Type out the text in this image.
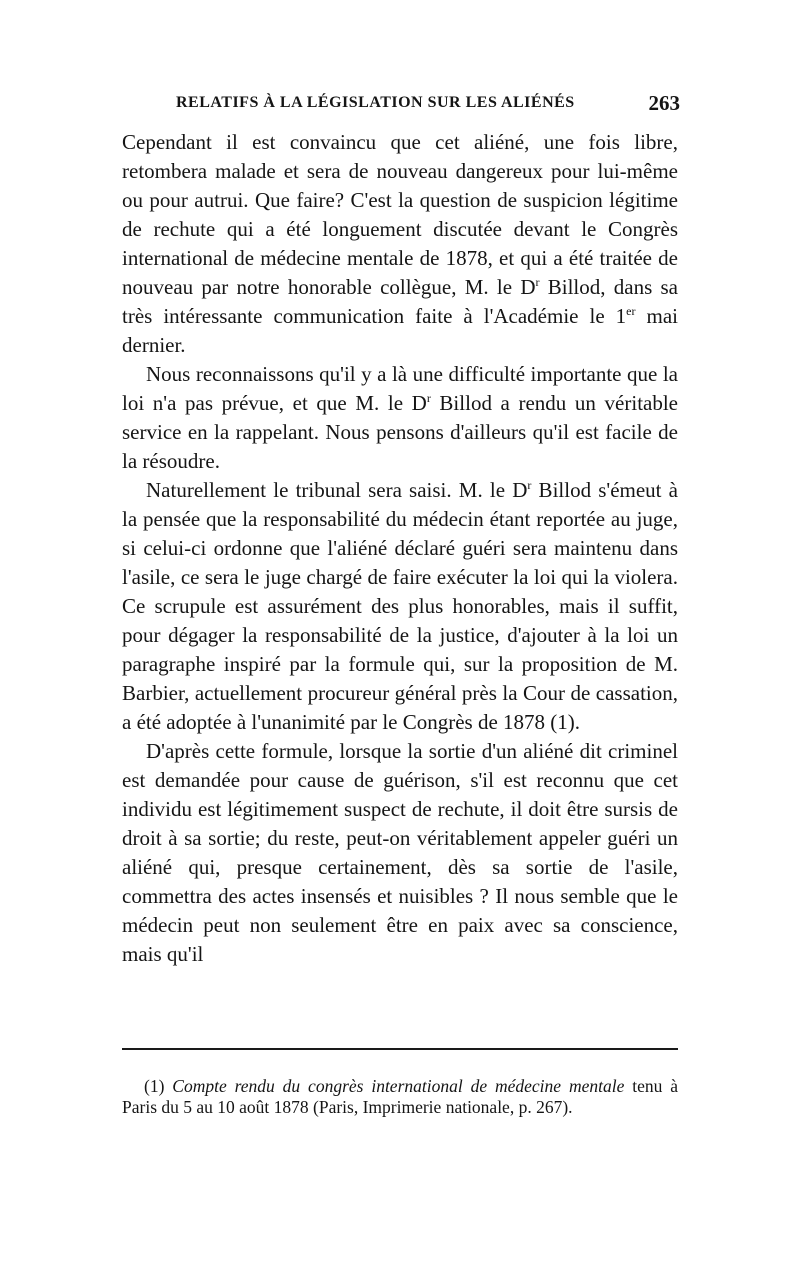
RELATIFS À LA LÉGISLATION SUR LES ALIÉNÉS	263

Cependant il est convaincu que cet aliéné, une fois libre, retombera malade et sera de nouveau dangereux pour lui-même ou pour autrui. Que faire? C'est la question de suspicion légitime de rechute qui a été longuement discutée devant le Congrès international de médecine mentale de 1878, et qui a été traitée de nouveau par notre honorable collègue, M. le $D^r$ Billod, dans sa très intéressante communication faite à l'Académie le 1er mai dernier.

Nous reconnaissons qu'il y a là une difficulté importante que la loi n'a pas prévue, et que M. le $D^r$ Billod a rendu un véritable service en la rappelant. Nous pensons d'ailleurs qu'il est facile de la résoudre.

Naturellement le tribunal sera saisi. M. le $D^r$ Billod s'émeut à la pensée que la responsabilité du médecin étant reportée au juge, si celui-ci ordonne que l'aliéné déclaré guéri sera maintenu dans l'asile, ce sera le juge chargé de faire exécuter la loi qui la violera. Ce scrupule est assurément des plus honorables, mais il suffit, pour dégager la responsabilité de la justice, d'ajouter à la loi un paragraphe inspiré par la formule qui, sur la proposition de M. Barbier, actuellement procureur général près la Cour de cassation, a été adoptée à l'unanimité par le Congrès de 1878 (1).

D'après cette formule, lorsque la sortie d'un aliéné dit criminel est demandée pour cause de guérison, s'il est reconnu que cet individu est légitimement suspect de rechute, il doit être sursis de droit à sa sortie; du reste, peut-on véritablement appeler guéri un aliéné qui, presque certainement, dès sa sortie de l'asile, commettra des actes insensés et nuisibles ? Il nous semble que le médecin peut non seulement être en paix avec sa conscience, mais qu'il

(1) Compte rendu du congrès international de médecine mentale tenu à Paris du 5 au 10 août 1878 (Paris, Imprimerie nationale, p. 267).
